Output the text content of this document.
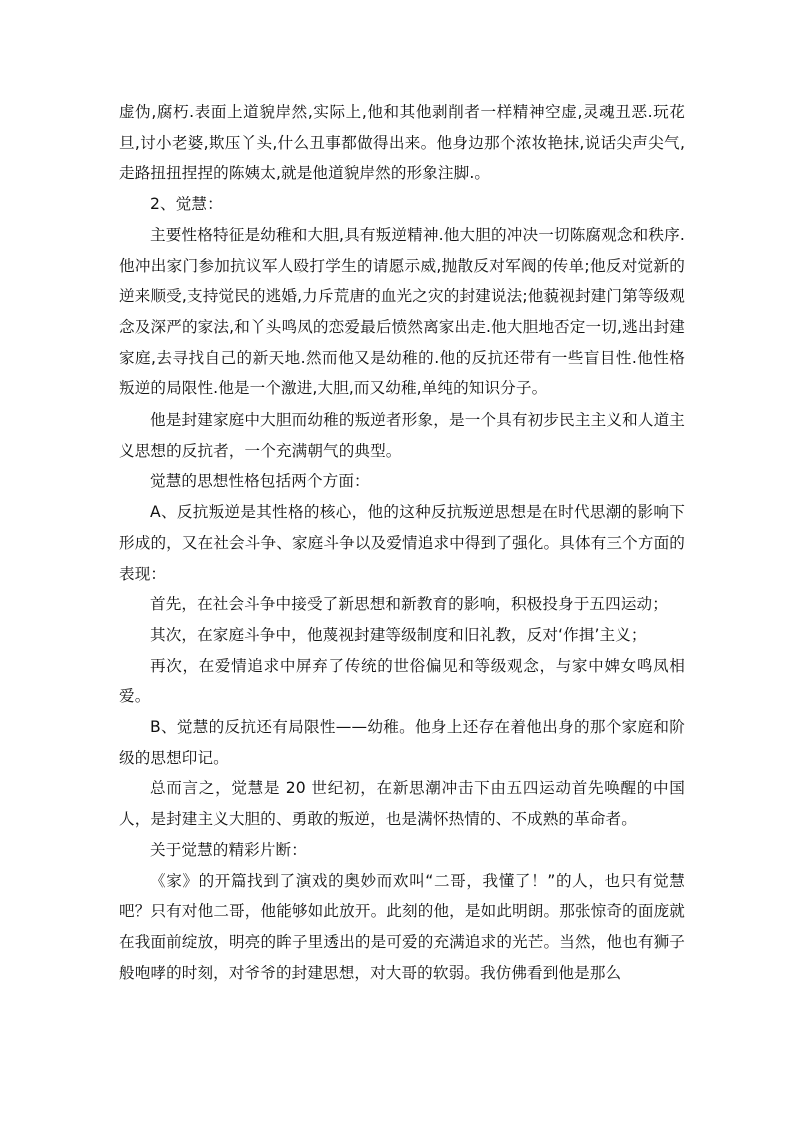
虚伪,腐朽.表面上道貌岸然,实际上,他和其他剥削者一样精神空虚,灵魂丑恶.玩花旦,讨小老婆,欺压丫头,什么丑事都做得出来。他身边那个浓妆艳抹,说话尖声尖气,走路扭扭捏捏的陈姨太,就是他道貌岸然的形象注脚.。

2、觉慧：

主要性格特征是幼稚和大胆,具有叛逆精神.他大胆的冲决一切陈腐观念和秩序.他冲出家门参加抗议军人殴打学生的请愿示威,抛散反对军阀的传单;他反对觉新的逆来顺受,支持觉民的逃婚,力斥荒唐的血光之灾的封建说法;他藐视封建门第等级观念及深严的家法,和丫头鸣凤的恋爱最后愤然离家出走.他大胆地否定一切,逃出封建家庭,去寻找自己的新天地.然而他又是幼稚的.他的反抗还带有一些盲目性.他性格叛逆的局限性.他是一个激进,大胆,而又幼稚,单纯的知识分子。

他是封建家庭中大胆而幼稚的叛逆者形象，是一个具有初步民主主义和人道主义思想的反抗者，一个充满朝气的典型。

觉慧的思想性格包括两个方面：

A、反抗叛逆是其性格的核心，他的这种反抗叛逆思想是在时代思潮的影响下形成的，又在社会斗争、家庭斗争以及爱情追求中得到了强化。具体有三个方面的表现：

首先，在社会斗争中接受了新思想和新教育的影响，积极投身于五四运动；

其次，在家庭斗争中，他蔑视封建等级制度和旧礼教，反对‘作揖’主义；

再次，在爱情追求中屏弃了传统的世俗偏见和等级观念，与家中婢女鸣凤相爱。

B、觉慧的反抗还有局限性——幼稚。他身上还存在着他出身的那个家庭和阶级的思想印记。

总而言之，觉慧是 20 世纪初，在新思潮冲击下由五四运动首先唤醒的中国人，是封建主义大胆的、勇敢的叛逆，也是满怀热情的、不成熟的革命者。

关于觉慧的精彩片断：

《家》的开篇找到了演戏的奥妙而欢叫“二哥，我懂了！”的人，也只有觉慧吧？只有对他二哥，他能够如此放开。此刻的他，是如此明朗。那张惊奇的面庞就在我面前绽放，明亮的眸子里透出的是可爱的充满追求的光芒。当然，他也有狮子般咆哮的时刻，对爷爷的封建思想，对大哥的软弱。我仿佛看到他是那么
